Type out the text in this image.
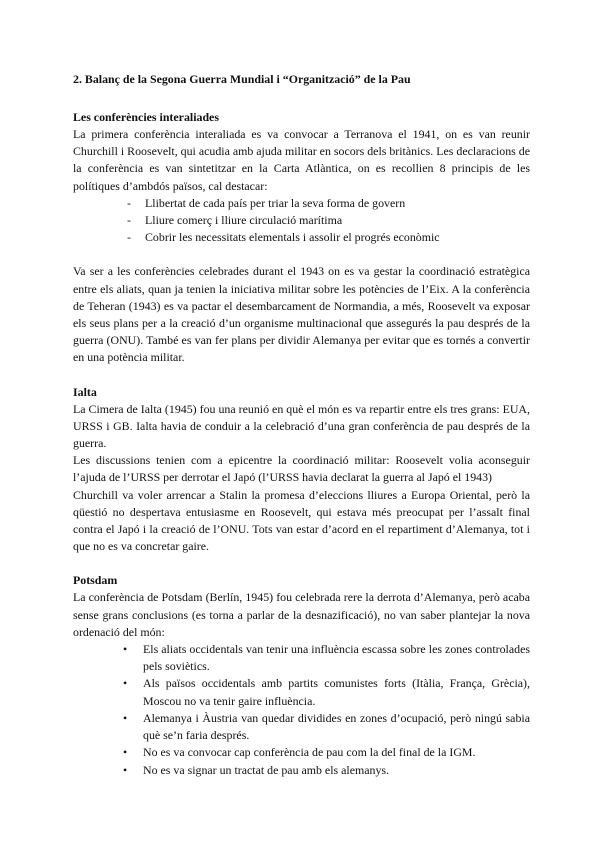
2. Balanç de la Segona Guerra Mundial i “Organització” de la Pau
Les conferències interaliades

La primera conferència interaliada es va convocar a Terranova el 1941, on es van reunir Churchill i Roosevelt, qui acudia amb ajuda militar en socors dels britànics. Les declaracions de la conferència es van sintetitzar en la Carta Atlàntica, on es recollien 8 principis de les polítiques d’ambdós països, cal destacar:

- Llibertat de cada país per triar la seva forma de govern
- Lliure comerç i lliure circulació marítima
- Cobrir les necessitats elementals i assolir el progrés econòmic

Va ser a les conferències celebrades durant el 1943 on es va gestar la coordinació estratègica entre els aliats, quan ja tenien la iniciativa militar sobre les potències de l’Eix. A la conferència de Teheran (1943) es va pactar el desembarcament de Normandia, a més, Roosevelt va exposar els seus plans per a la creació d’un organisme multinacional que assegurés la pau després de la guerra (ONU). També es van fer plans per dividir Alemanya per evitar que es tornés a convertir en una potència militar.

Ialta

La Cimera de Ialta (1945) fou una reunió en què el món es va repartir entre els tres grans: EUA, URSS i GB. Ialta havia de conduir a la celebració d’una gran conferència de pau després de la guerra.

Les discussions tenien com a epicentre la coordinació militar: Roosevelt volia aconseguir l’ajuda de l’URSS per derrotar el Japó (l’URSS havia declarat la guerra al Japó el 1943)

Churchill va voler arrencar a Stalin la promesa d’eleccions lliures a Europa Oriental, però la qüestió no despertava entusiasme en Roosevelt, qui estava més preocupat per l’assalt final contra el Japó i la creació de l’ONU. Tots van estar d’acord en el repartiment d’Alemanya, tot i que no es va concretar gaire.

Potsdam

La conferència de Potsdam (Berlín, 1945) fou celebrada rere la derrota d’Alemanya, però acaba sense grans conclusions (es torna a parlar de la desnazificació), no van saber plantejar la nova ordenació del món:

• Els aliats occidentals van tenir una influència escassa sobre les zones controlades pels soviètics.
• Als països occidentals amb partits comunistes forts (Itàlia, França, Grècia), Moscou no va tenir gaire influència.
• Alemanya i Àustria van quedar dividides en zones d’ocupació, però ningú sabia què se’n faria després.
• No es va convocar cap conferència de pau com la del final de la IGM.
• No es va signar un tractat de pau amb els alemanys.
